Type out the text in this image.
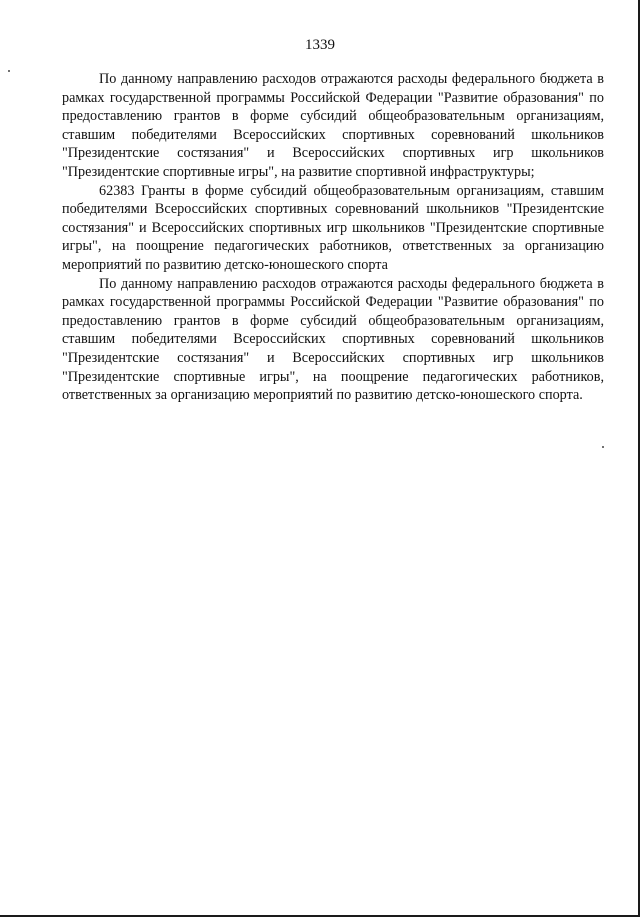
1339

По данному направлению расходов отражаются расходы федерального бюджета в рамках государственной программы Российской Федерации "Развитие образования" по предоставлению грантов в форме субсидий общеобразовательным организациям, ставшим победителями Всероссийских спортивных соревнований школьников "Президентские состязания" и Всероссийских спортивных игр школьников "Президентские спортивные игры", на развитие спортивной инфраструктуры;

62383 Гранты в форме субсидий общеобразовательным организациям, ставшим победителями Всероссийских спортивных соревнований школьников "Президентские состязания" и Всероссийских спортивных игр школьников "Президентские спортивные игры", на поощрение педагогических работников, ответственных за организацию мероприятий по развитию детско-юношеского спорта

По данному направлению расходов отражаются расходы федерального бюджета в рамках государственной программы Российской Федерации "Развитие образования" по предоставлению грантов в форме субсидий общеобразовательным организациям, ставшим победителями Всероссийских спортивных соревнований школьников "Президентские состязания" и Всероссийских спортивных игр школьников "Президентские спортивные игры", на поощрение педагогических работников, ответственных за организацию мероприятий по развитию детско-юношеского спорта.
